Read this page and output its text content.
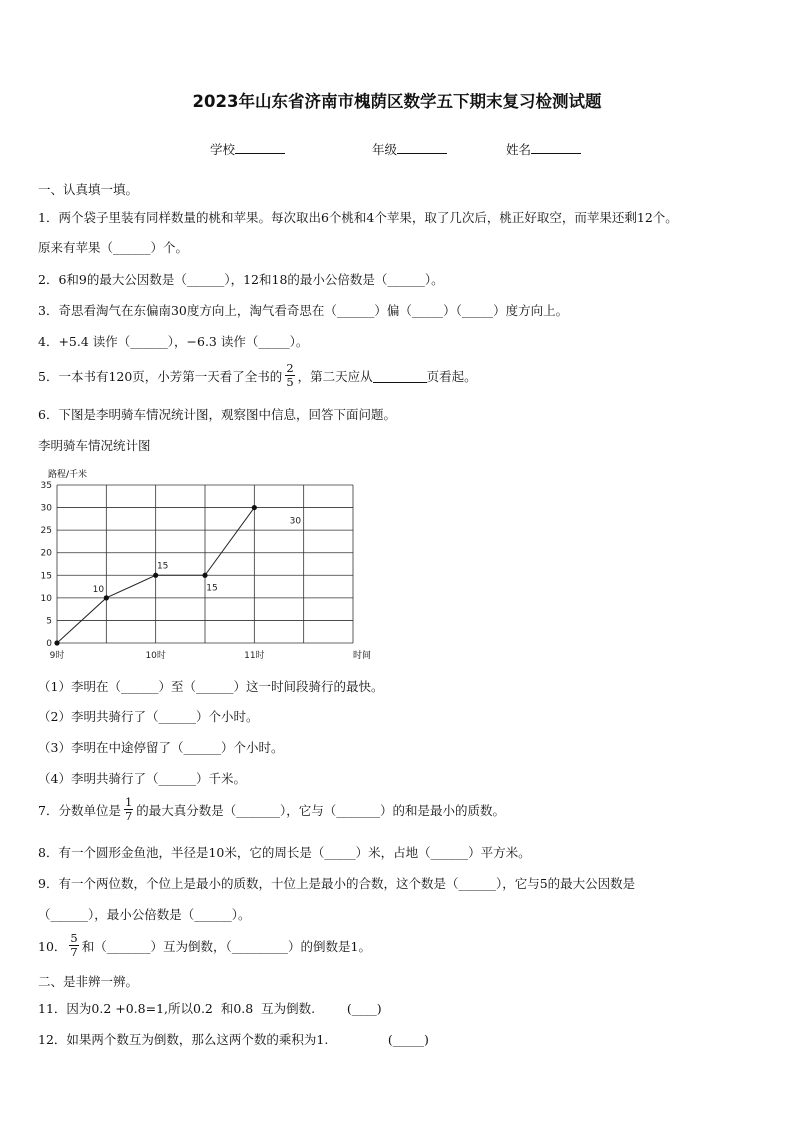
2023年山东省济南市槐荫区数学五下期末复习检测试题
学校	年级	姓名
一、认真填一填。
1．两个袋子里装有同样数量的桃和苹果。每次取出6个桃和4个苹果，取了几次后，桃正好取空，而苹果还剩12个。
原来有苹果（______）个。
2．6和9的最大公因数是（______），12和18的最小公倍数是（______）。
3．奇思看淘气在东偏南30度方向上，淘气看奇思在（______）偏（_____）（_____）度方向上。
4．+5.4 读作（______），−6.3 读作（_____）。
5．一本书有120页，小芳第一天看了全书的 $\frac{2}{5}$ ，第二天应从	页看起。
6．下图是李明骑车情况统计图，观察图中信息，回答下面问题。
李明骑车情况统计图
0
5
10
15
20
25
30
35
9时	10时	11时
10
15
15
30
路程/千米
时间
（1）李明在（______）至（______）这一时间段骑行的最快。
（2）李明共骑行了（______）个小时。
（3）李明在中途停留了（______）个小时。
（4）李明共骑行了（______）千米。
7．分数单位是 $\frac{1}{7}$ 的最大真分数是（_______），它与（_______）的和是最小的质数。
8．有一个圆形金鱼池，半径是10米，它的周长是（_____）米，占地（______）平方米。
9．有一个两位数，个位上是最小的质数，十位上是最小的合数，这个数是（______），它与5的最大公因数是
（______），最小公倍数是（______）。
10． $\frac{5}{7}$ 和（_______）互为倒数，（_________）的倒数是1。
二、是非辨一辨。
11．因为0.2 +0.8=1,所以0.2  和0.8  互为倒数.        (____)
12．如果两个数互为倒数，那么这两个数的乘积为1.               (_____)
